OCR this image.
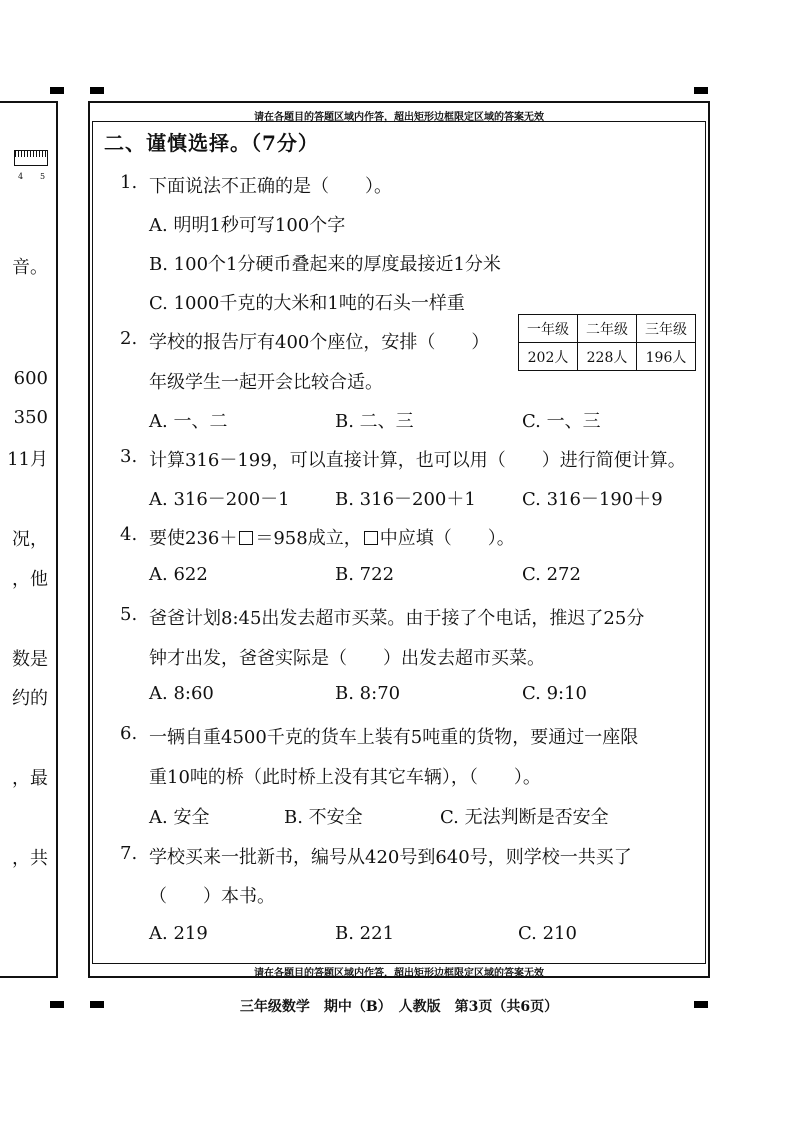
4 5
音。
600
350
11月
况，
，他
数是
约的
，最
，共
请在各题目的答题区域内作答，超出矩形边框限定区域的答案无效
请在各题目的答题区域内作答，超出矩形边框限定区域的答案无效
二、谨慎选择。（7分）
1. 下面说法不正确的是（　　）。
A. 明明1秒可写100个字
B. 100个1分硬币叠起来的厚度最接近1分米
C. 1000千克的大米和1吨的石头一样重
2. 学校的报告厅有400个座位，安排（　　）
年级学生一起开会比较合适。
一年级	二年级	三年级
202人	228人	196人
A. 一、二	B. 二、三	C. 一、三
3. 计算316－199，可以直接计算，也可以用（　　）进行简便计算。
A. 316－200－1	B. 316－200＋1	C. 316－190＋9
4. 要使236＋ ＝958成立， 中应填（　　）。
A. 622	B. 722	C. 272
5. 爸爸计划8:45出发去超市买菜。由于接了个电话，推迟了25分
钟才出发，爸爸实际是（　　）出发去超市买菜。
A. 8:60	B. 8:70	C. 9:10
6. 一辆自重4500千克的货车上装有5吨重的货物，要通过一座限
重10吨的桥（此时桥上没有其它车辆），（　　）。
A. 安全	B. 不安全	C. 无法判断是否安全
7. 学校买来一批新书，编号从420号到640号，则学校一共买了
（　　）本书。
A. 219	B. 221	C. 210
三年级数学　期中（B）　人教版　第3页（共6页）
